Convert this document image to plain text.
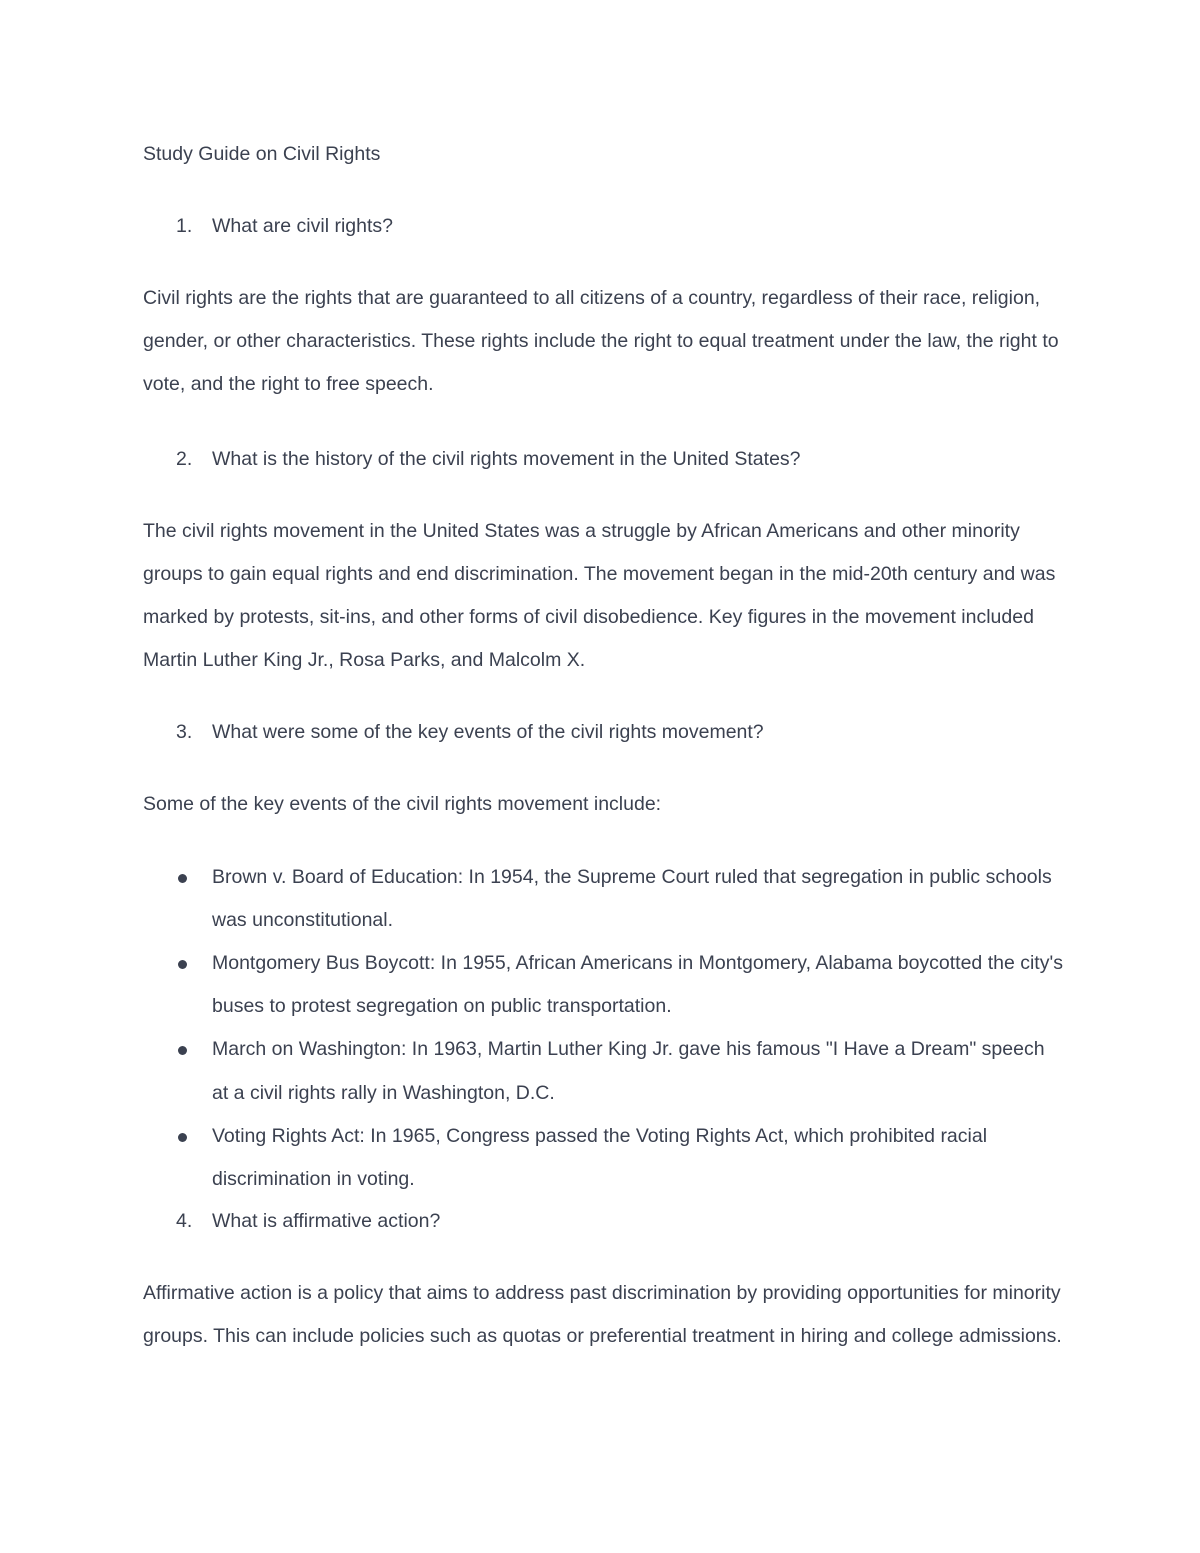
Study Guide on Civil Rights

1. What are civil rights?

Civil rights are the rights that are guaranteed to all citizens of a country, regardless of their race, religion, gender, or other characteristics. These rights include the right to equal treatment under the law, the right to vote, and the right to free speech.

2. What is the history of the civil rights movement in the United States?

The civil rights movement in the United States was a struggle by African Americans and other minority groups to gain equal rights and end discrimination. The movement began in the mid-20th century and was marked by protests, sit-ins, and other forms of civil disobedience. Key figures in the movement included Martin Luther King Jr., Rosa Parks, and Malcolm X.

3. What were some of the key events of the civil rights movement?

Some of the key events of the civil rights movement include:

Brown v. Board of Education: In 1954, the Supreme Court ruled that segregation in public schools was unconstitutional.
Montgomery Bus Boycott: In 1955, African Americans in Montgomery, Alabama boycotted the city's buses to protest segregation on public transportation.
March on Washington: In 1963, Martin Luther King Jr. gave his famous "I Have a Dream" speech at a civil rights rally in Washington, D.C.
Voting Rights Act: In 1965, Congress passed the Voting Rights Act, which prohibited racial discrimination in voting.

4. What is affirmative action?

Affirmative action is a policy that aims to address past discrimination by providing opportunities for minority groups. This can include policies such as quotas or preferential treatment in hiring and college admissions.
